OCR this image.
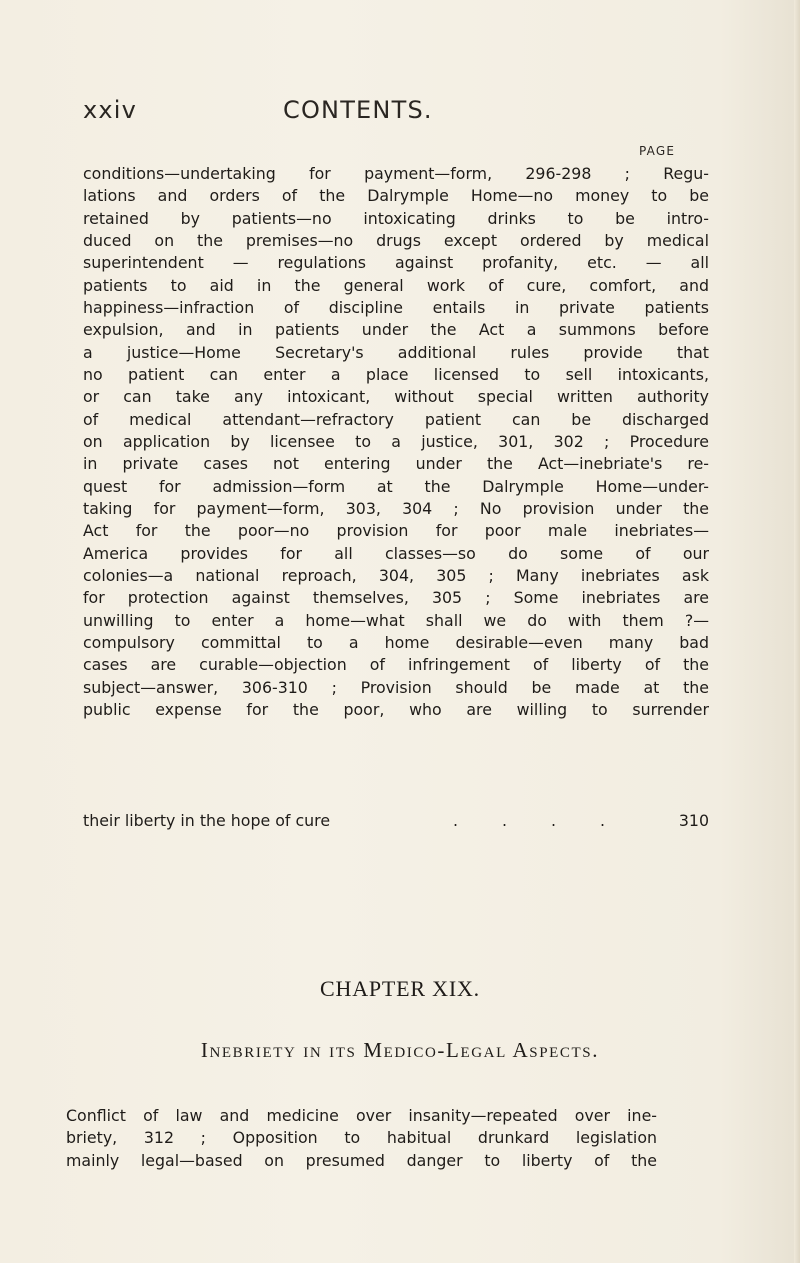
xxiv	CONTENTS.
PAGE
conditions—undertaking for payment—form, 296-298 ; Regu-
lations and orders of the Dalrymple Home—no money to be
retained by patients—no intoxicating drinks to be intro-
duced on the premises—no drugs except ordered by medical
superintendent — regulations against profanity, etc. — all
patients to aid in the general work of cure, comfort, and
happiness—infraction of discipline entails in private patients
expulsion, and in patients under the Act a summons before
a justice—Home Secretary's additional rules provide that
no patient can enter a place licensed to sell intoxicants,
or can take any intoxicant, without special written authority
of medical attendant—refractory patient can be discharged
on application by licensee to a justice, 301, 302 ; Procedure
in private cases not entering under the Act—inebriate's re-
quest for admission—form at the Dalrymple Home—under-
taking for payment—form, 303, 304 ; No provision under the
Act for the poor—no provision for poor male inebriates—
America provides for all classes—so do some of our
colonies—a national reproach, 304, 305 ; Many inebriates ask
for protection against themselves, 305 ; Some inebriates are
unwilling to enter a home—what shall we do with them ?—
compulsory committal to a home desirable—even many bad
cases are curable—objection of infringement of liberty of the
subject—answer, 306-310 ; Provision should be made at the
public expense for the poor, who are willing to surrender
their liberty in the hope of cure	.	.	.	.	310
CHAPTER XIX.
Inebriety in its Medico-Legal Aspects.
Conflict of law and medicine over insanity—repeated over ine-
briety, 312 ; Opposition to habitual drunkard legislation
mainly legal—based on presumed danger to liberty of the
